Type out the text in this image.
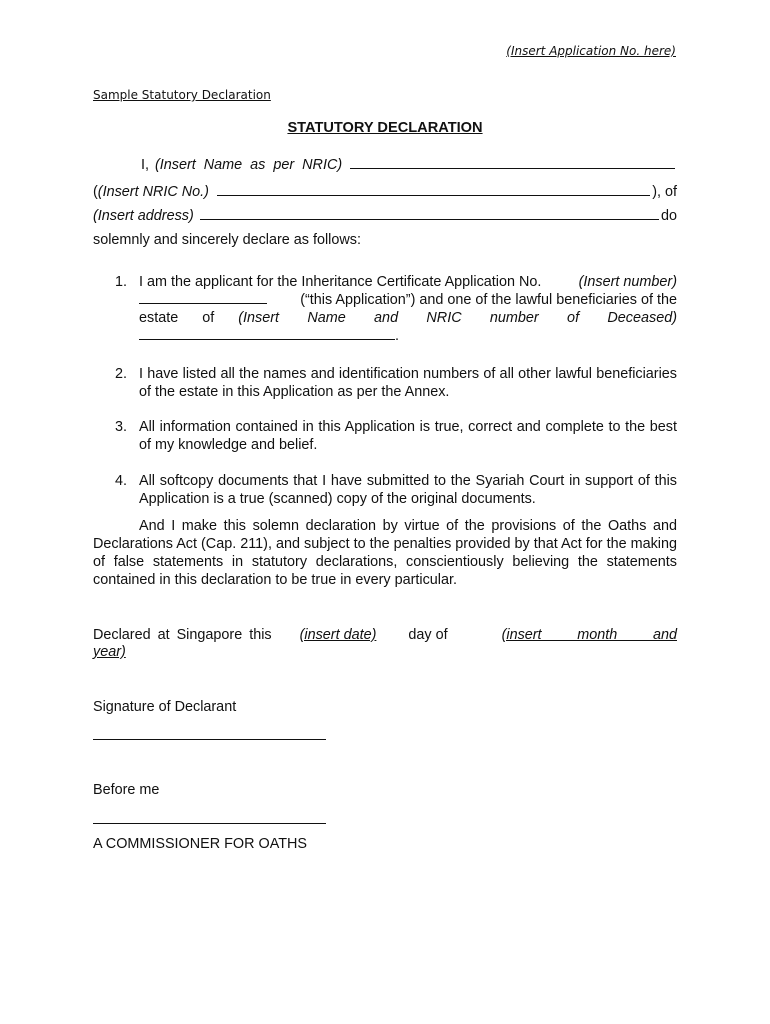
(Insert Application No. here)
Sample Statutory Declaration
STATUTORY DECLARATION
I, (Insert Name as per NRIC)
( (Insert NRIC No.)	), of
(Insert address)	do
solemnly and sincerely declare as follows:
1. I am the applicant for the Inheritance Certificate Application No.	(Insert number)
(“this Application”) and one of the lawful beneficiaries of the
estate of (Insert Name and NRIC number of Deceased)
.
2. I have listed all the names and identification numbers of all other lawful beneficiaries of the estate in this Application as per the Annex.
3. All information contained in this Application is true, correct and complete to the best of my knowledge and belief.
4. All softcopy documents that I have submitted to the Syariah Court in support of this Application is a true (scanned) copy of the original documents.
And I make this solemn declaration by virtue of the provisions of the Oaths and Declarations Act (Cap. 211), and subject to the penalties provided by that Act for the making of false statements in statutory declarations, conscientiously believing the statements contained in this declaration to be true in every particular.
Declared at Singapore this	(insert date)	day of	(insert month and
year)
Signature of Declarant
Before me
A COMMISSIONER FOR OATHS
